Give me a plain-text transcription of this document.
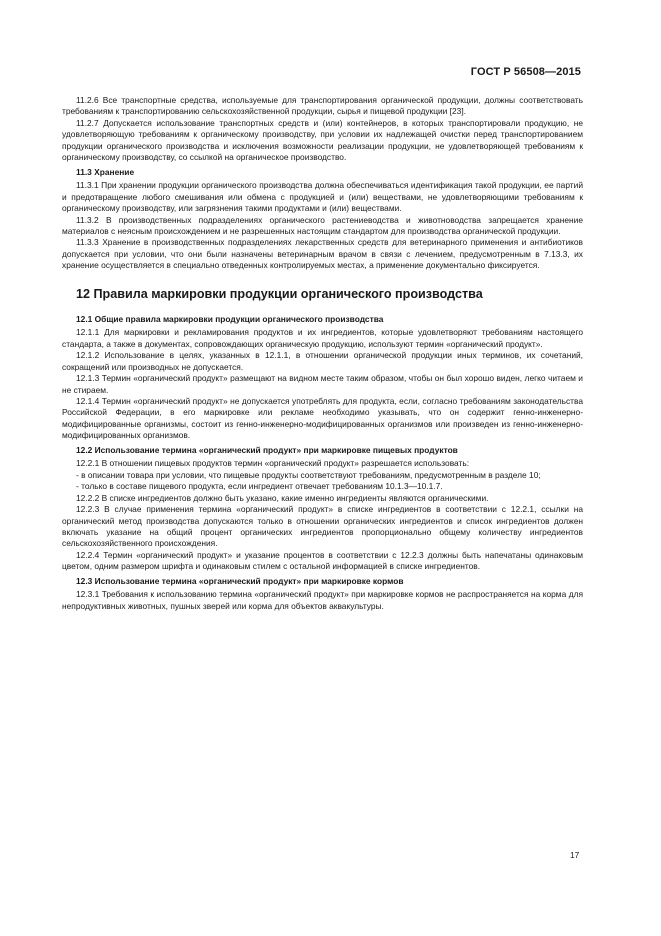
ГОСТ Р 56508—2015
11.2.6 Все транспортные средства, используемые для транспортирования органической продукции, должны соответствовать требованиям к транспортированию сельскохозяйственной продукции, сырья и пищевой продукции [23].
11.2.7 Допускается использование транспортных средств и (или) контейнеров, в которых транспортировали продукцию, не удовлетворяющую требованиям к органическому производству, при условии их надлежащей очистки перед транспортированием продукции органического производства и исключения возможности реализации продукции, не удовлетворяющей требованиям к органическому производству, со ссылкой на органическое производство.
11.3 Хранение
11.3.1 При хранении продукции органического производства должна обеспечиваться идентификация такой продукции, ее партий и предотвращение любого смешивания или обмена с продукцией и (или) веществами, не удовлетворяющими требованиям к органическому производству, или загрязнения такими продуктами и (или) веществами.
11.3.2 В производственных подразделениях органического растениеводства и животноводства запрещается хранение материалов с неясным происхождением и не разрешенных настоящим стандартом для производства органической продукции.
11.3.3 Хранение в производственных подразделениях лекарственных средств для ветеринарного применения и антибиотиков допускается при условии, что они были назначены ветеринарным врачом в связи с лечением, предусмотренным в 7.13.3, их хранение осуществляется в специально отведенных контролируемых местах, а применение документально фиксируется.
12 Правила маркировки продукции органического производства
12.1 Общие правила маркировки продукции органического производства
12.1.1 Для маркировки и рекламирования продуктов и их ингредиентов, которые удовлетворяют требованиям настоящего стандарта, а также в документах, сопровождающих органическую продукцию, используют термин «органический продукт».
12.1.2 Использование в целях, указанных в 12.1.1, в отношении органической продукции иных терминов, их сочетаний, сокращений или производных не допускается.
12.1.3 Термин «органический продукт» размещают на видном месте таким образом, чтобы он был хорошо виден, легко читаем и не стираем.
12.1.4 Термин «органический продукт» не допускается употреблять для продукта, если, согласно требованиям законодательства Российской Федерации, в его маркировке или рекламе необходимо указывать, что он содержит генно-инженерно-модифицированные организмы, состоит из генно-инженерно-модифицированных организмов или произведен из генно-инженерно-модифицированных организмов.
12.2 Использование термина «органический продукт» при маркировке пищевых продуктов
12.2.1 В отношении пищевых продуктов термин «органический продукт» разрешается использовать:
- в описании товара при условии, что пищевые продукты соответствуют требованиям, предусмотренным в разделе 10;
- только в составе пищевого продукта, если ингредиент отвечает требованиям 10.1.3—10.1.7.
12.2.2 В списке ингредиентов должно быть указано, какие именно ингредиенты являются органическими.
12.2.3 В случае применения термина «органический продукт» в списке ингредиентов в соответствии с 12.2.1, ссылки на органический метод производства допускаются только в отношении органических ингредиентов и список ингредиентов должен включать указание на общий процент органических ингредиентов пропорционально общему количеству ингредиентов сельскохозяйственного происхождения.
12.2.4 Термин «органический продукт» и указание процентов в соответствии с 12.2.3 должны быть напечатаны одинаковым цветом, одним размером шрифта и одинаковым стилем с остальной информацией в списке ингредиентов.
12.3 Использование термина «органический продукт» при маркировке кормов
12.3.1 Требования к использованию термина «органический продукт» при маркировке кормов не распространяется на корма для непродуктивных животных, пушных зверей или корма для объектов аквакультуры.
17
